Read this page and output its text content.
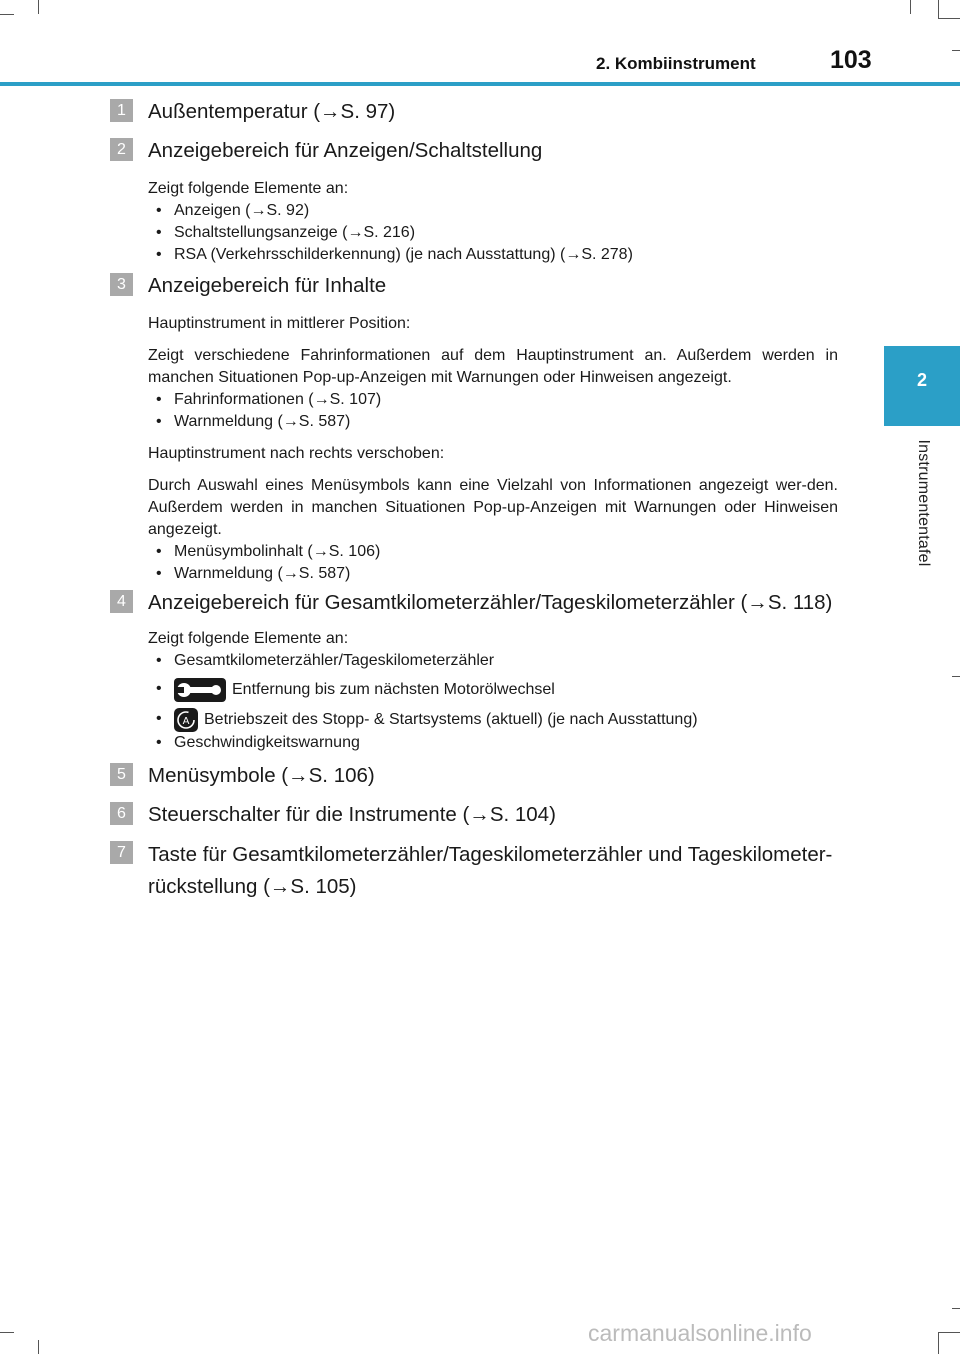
2. Kombiinstrument	103
2
Instrumententafel
1	Außentemperatur (→S. 97)
2	Anzeigebereich für Anzeigen/Schaltstellung

Zeigt folgende Elemente an:

• Anzeigen (→S. 92)
• Schaltstellungsanzeige (→S. 216)
• RSA (Verkehrsschilderkennung) (je nach Ausstattung) (→S. 278)
3	Anzeigebereich für Inhalte

Hauptinstrument in mittlerer Position:

Zeigt verschiedene Fahrinformationen auf dem Hauptinstrument an. Außerdem werden in manchen Situationen Pop-up-Anzeigen mit Warnungen oder Hinweisen angezeigt.

• Fahrinformationen (→S. 107)
• Warnmeldung (→S. 587)

Hauptinstrument nach rechts verschoben:

Durch Auswahl eines Menüsymbols kann eine Vielzahl von Informationen angezeigt wer-den. Außerdem werden in manchen Situationen Pop-up-Anzeigen mit Warnungen oder Hinweisen angezeigt.

• Menüsymbolinhalt (→S. 106)
• Warnmeldung (→S. 587)
4	Anzeigebereich für Gesamtkilometerzähler/Tageskilometerzähler (→S. 118)

Zeigt folgende Elemente an:

• Gesamtkilometerzähler/Tageskilometerzähler
• Entfernung bis zum nächsten Motorölwechsel
• A Betriebszeit des Stopp- & Startsystems (aktuell) (je nach Ausstattung)
• Geschwindigkeitswarnung
5	Menüsymbole (→S. 106)
6	Steuerschalter für die Instrumente (→S. 104)
7	Taste für Gesamtkilometerzähler/Tageskilometerzähler und Tageskilometer-rückstellung (→S. 105)
carmanualsonline.info
